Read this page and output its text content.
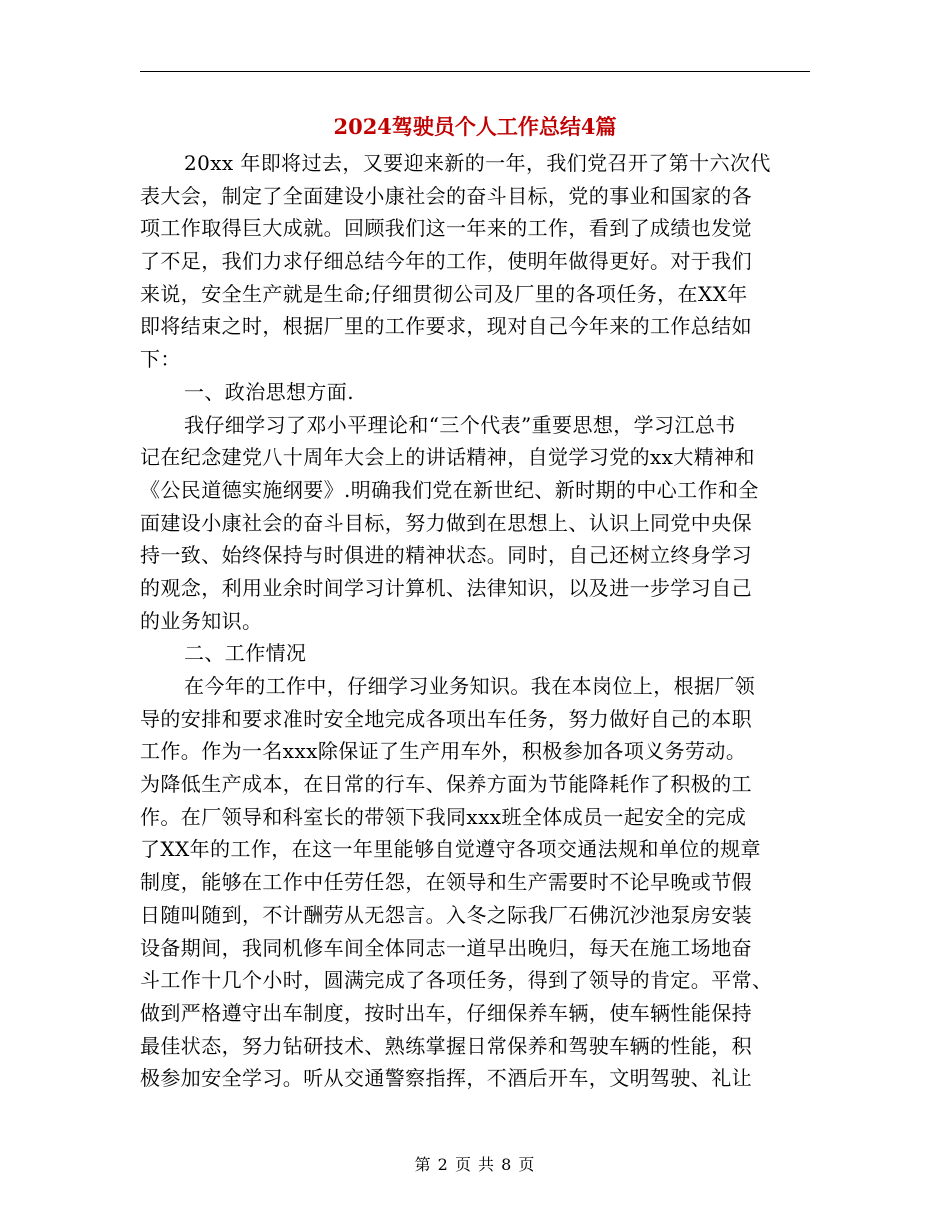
2024驾驶员个人工作总结4篇
20xx 年即将过去，又要迎来新的一年，我们党召开了第十六次代
表大会，制定了全面建设小康社会的奋斗目标，党的事业和国家的各
项工作取得巨大成就。回顾我们这一年来的工作，看到了成绩也发觉
了不足，我们力求仔细总结今年的工作，使明年做得更好。对于我们
来说，安全生产就是生命;仔细贯彻公司及厂里的各项任务，在XX年
即将结束之时，根据厂里的工作要求，现对自己今年来的工作总结如
下：
一、政治思想方面.
我仔细学习了邓小平理论和“三个代表”重要思想，学习江总书
记在纪念建党八十周年大会上的讲话精神，自觉学习党的xx大精神和
《公民道德实施纲要》.明确我们党在新世纪、新时期的中心工作和全
面建设小康社会的奋斗目标，努力做到在思想上、认识上同党中央保
持一致、始终保持与时俱进的精神状态。同时，自己还树立终身学习
的观念，利用业余时间学习计算机、法律知识，以及进一步学习自己
的业务知识。
二、工作情况
在今年的工作中，仔细学习业务知识。我在本岗位上，根据厂领
导的安排和要求准时安全地完成各项出车任务，努力做好自己的本职
工作。作为一名xxx除保证了生产用车外，积极参加各项义务劳动。
为降低生产成本，在日常的行车、保养方面为节能降耗作了积极的工
作。在厂领导和科室长的带领下我同xxx班全体成员一起安全的完成
了XX年的工作，在这一年里能够自觉遵守各项交通法规和单位的规章
制度，能够在工作中任劳任怨，在领导和生产需要时不论早晚或节假
日随叫随到，不计酬劳从无怨言。入冬之际我厂石佛沉沙池泵房安装
设备期间，我同机修车间全体同志一道早出晚归，每天在施工场地奋
斗工作十几个小时，圆满完成了各项任务，得到了领导的肯定。平常、
做到严格遵守出车制度，按时出车，仔细保养车辆，使车辆性能保持
最佳状态，努力钻研技术、熟练掌握日常保养和驾驶车辆的性能，积
极参加安全学习。听从交通警察指挥，不酒后开车，文明驾驶、礼让
第 2 页 共 8 页
